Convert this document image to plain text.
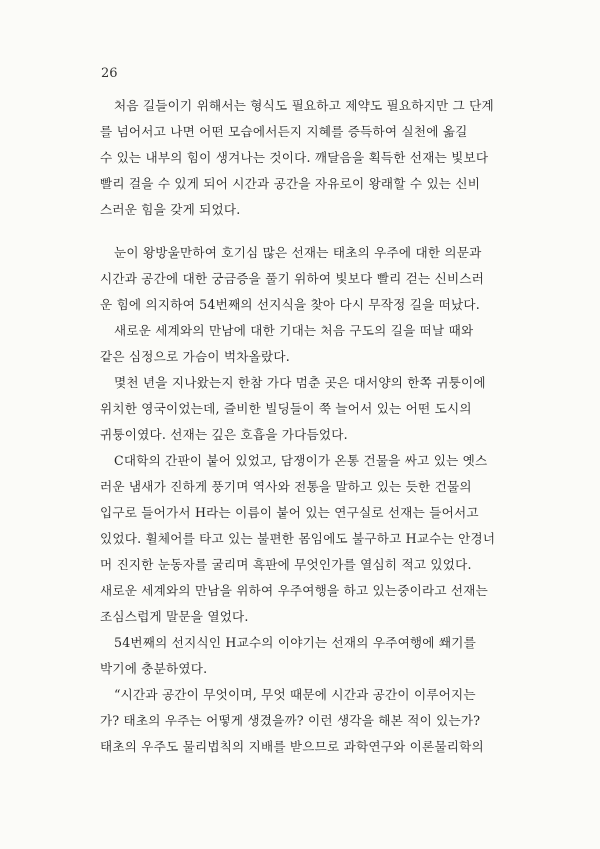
26
처음 길들이기 위해서는 형식도 필요하고 제약도 필요하지만 그 단계
를 넘어서고 나면 어떤 모습에서든지 지혜를 증득하여 실천에 옮길
수 있는 내부의 힘이 생겨나는 것이다. 깨달음을 획득한 선재는 빛보다
빨리 걸을 수 있게 되어 시간과 공간을 자유로이 왕래할 수 있는 신비
스러운 힘을 갖게 되었다.
눈이 왕방울만하여 호기심 많은 선재는 태초의 우주에 대한 의문과
시간과 공간에 대한 궁금증을 풀기 위하여 빛보다 빨리 걷는 신비스러
운 힘에 의지하여 54번째의 선지식을 찾아 다시 무작정 길을 떠났다.
새로운 세계와의 만남에 대한 기대는 처음 구도의 길을 떠날 때와
같은 심정으로 가슴이 벅차올랐다.
몇천 년을 지나왔는지 한참 가다 멈춘 곳은 대서양의 한쪽 귀퉁이에
위치한 영국이었는데, 즐비한 빌딩들이 쭉 늘어서 있는 어떤 도시의
귀퉁이였다. 선재는 깊은 호흡을 가다듬었다.
C대학의 간판이 붙어 있었고, 담쟁이가 온통 건물을 싸고 있는 옛스
러운 냄새가 진하게 풍기며 역사와 전통을 말하고 있는 듯한 건물의
입구로 들어가서 H라는 이름이 붙어 있는 연구실로 선재는 들어서고
있었다. 휠체어를 타고 있는 불편한 몸임에도 불구하고 H교수는 안경너
머 진지한 눈동자를 굴리며 흑판에 무엇인가를 열심히 적고 있었다.
새로운 세계와의 만남을 위하여 우주여행을 하고 있는중이라고 선재는
조심스럽게 말문을 열었다.
54번째의 선지식인 H교수의 이야기는 선재의 우주여행에 쐐기를
박기에 충분하였다.
“시간과 공간이 무엇이며, 무엇 때문에 시간과 공간이 이루어지는
가? 태초의 우주는 어떻게 생겼을까? 이런 생각을 해본 적이 있는가?
태초의 우주도 물리법칙의 지배를 받으므로 과학연구와 이론물리학의
